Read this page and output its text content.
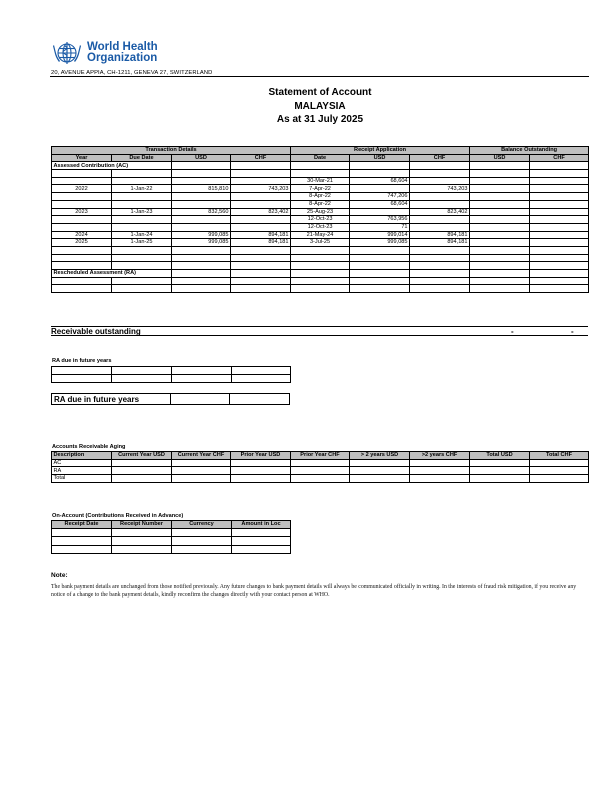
World Health
Organization
20, AVENUE APPIA, CH-1211, GENEVA 27, SWITZERLAND
Statement of Account
MALAYSIA
As at 31 July 2025
Transaction Details				Receipt Application			Balance Outstanding	
Year	Due Date	USD	CHF	Date	USD	CHF	USD	CHF
Assessed Contribution (AC)								

				30-Mar-21	68,604			
2022	1-Jan-22	815,810	743,203	7-Apr-22		743,203		
				8-Apr-22	747,206			
				8-Apr-22	68,604			
2023	1-Jan-23	832,560	823,402	25-Aug-23		823,402		
				12-Oct-23	763,956			
				12-Oct-23	71			
2024	1-Jan-24	999,085	894,181	21-May-24	999,014	894,181		
2025	1-Jan-25	999,085	894,181	3-Jul-25	999,085	894,181		

Rescheduled Assessment (RA)								

Receivable outstanding	-	-
RA due in future years

RA due in future years
Accounts Receivable Aging
Description	Current Year USD	Current Year CHF	Prior Year USD	Prior Year CHF	> 2 years USD	>2 years CHF	Total USD	Total CHF
AC								
RA								
Total								
On-Account (Contributions Received in Advance)
Receipt Date	Receipt Number	Currency	Amount in Loc

Note:
The bank payment details are unchanged from those notified previously. Any future changes to bank payment details will always be communicated officially in writing. In the interests of fraud risk mitigation, if you receive any notice of a change to the bank payment details, kindly reconfirm the changes directly with your contact person at WHO.
